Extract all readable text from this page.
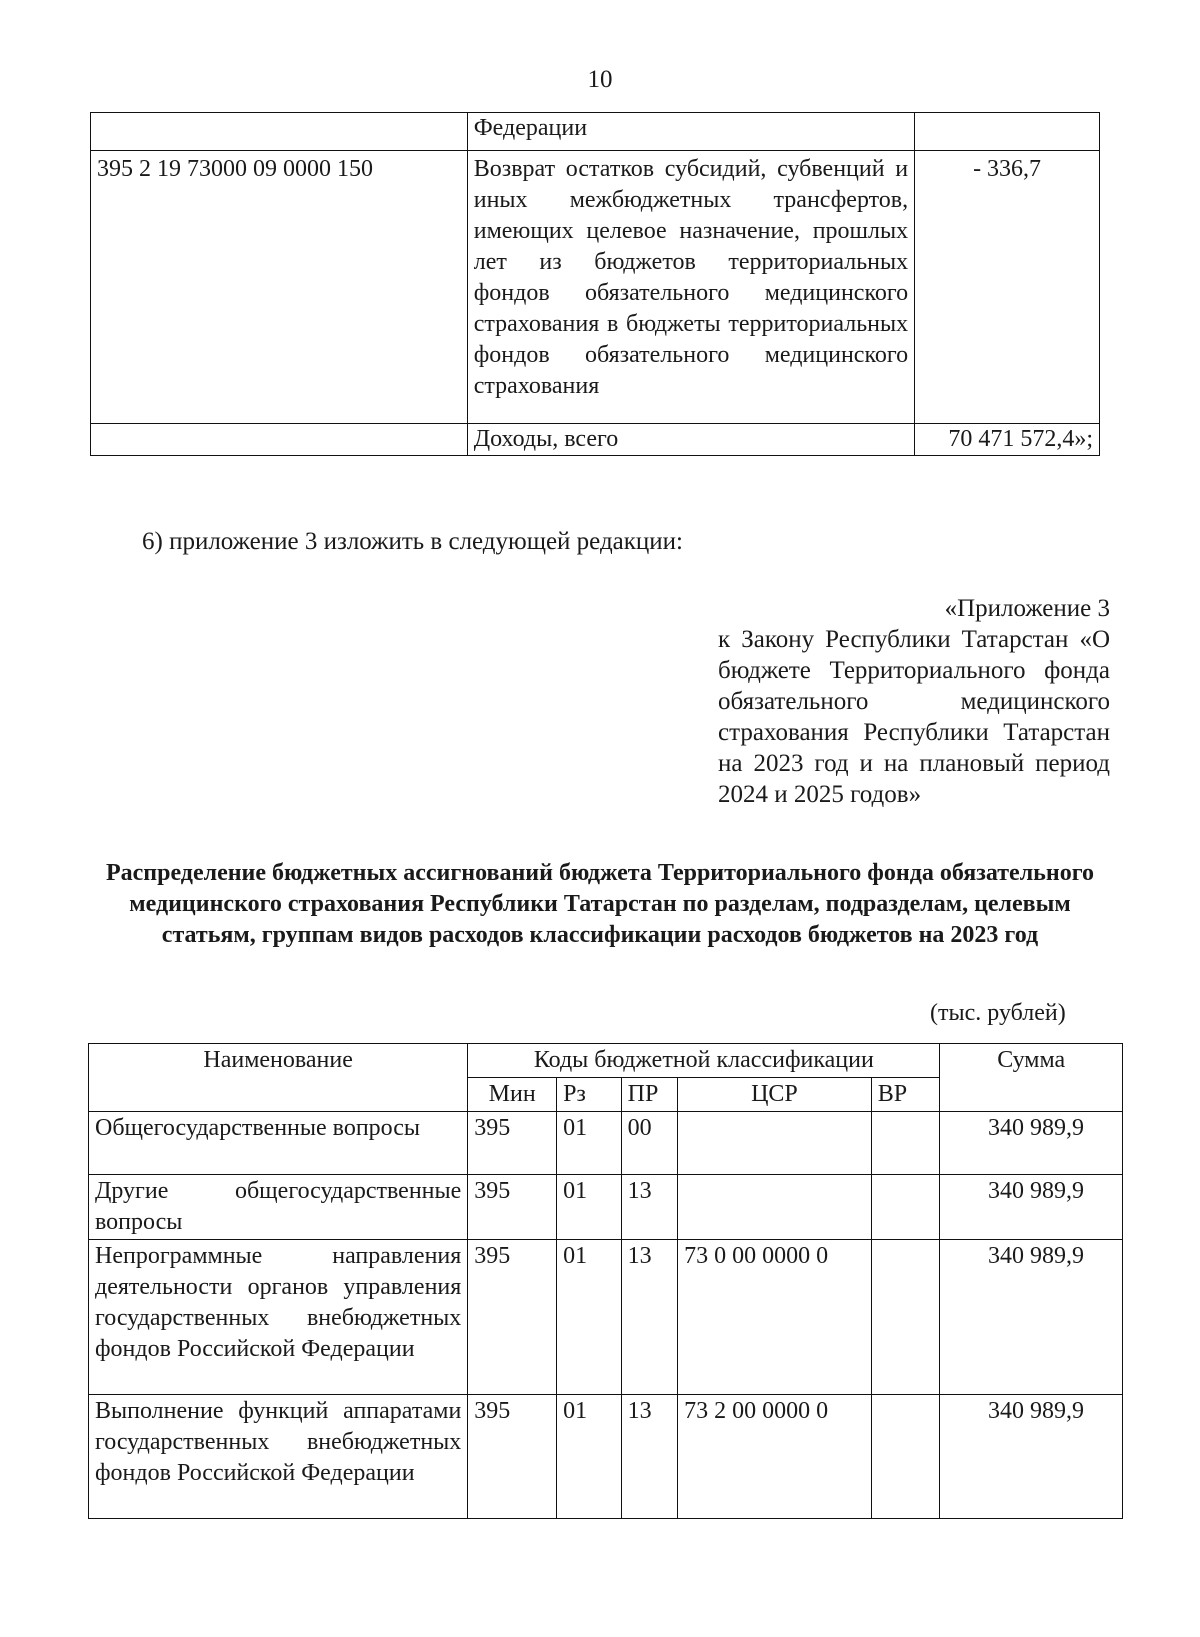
10
	Федерации	
395 2 19 73000 09 0000 150	Возврат остатков субсидий, субвенций и иных межбюджетных трансфертов, имеющих целевое назначение, прошлых лет из бюджетов территориальных фондов обязательного медицинского страхования в бюджеты территориальных фондов обязательного медицинского страхования	- 336,7
	Доходы, всего	70 471 572,4»;
6) приложение 3 изложить в следующей редакции:
«Приложение 3
к Закону Республики Татарстан «О бюджете Территориального фонда обязательного медицинского страхования Республики Татарстан на 2023 год и на плановый период 2024 и 2025 годов»
Распределение бюджетных ассигнований бюджета Территориального фонда обязательного медицинского страхования Республики Татарстан по разделам, подразделам, целевым статьям, группам видов расходов классификации расходов бюджетов на 2023 год
(тыс. рублей)
Наименование	Коды бюджетной классификации					Сумма
	Мин	Рз	ПР	ЦСР	ВР	
Общегосударственные вопросы	395	01	00			340 989,9
Другие общегосударственные вопросы	395	01	13			340 989,9
Непрограммные направления деятельности органов управления государственных внебюджетных фондов Российской Федерации	395	01	13	73 0 00 0000 0		340 989,9
Выполнение функций аппаратами государственных внебюджетных фондов Российской Федерации	395	01	13	73 2 00 0000 0		340 989,9
